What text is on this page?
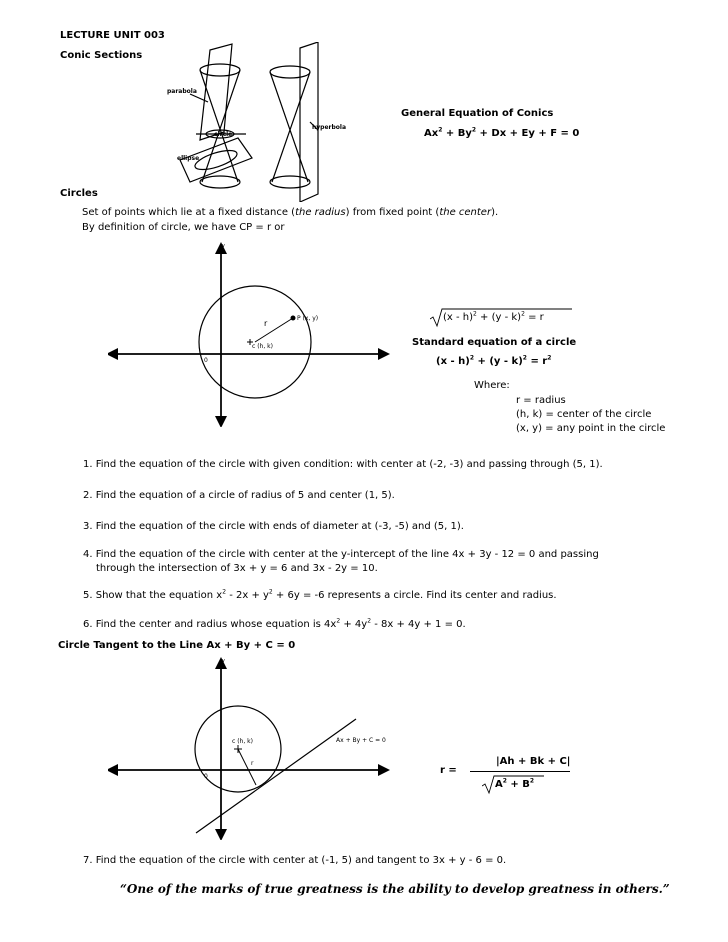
LECTURE UNIT 003
Conic Sections
parabola
circle
ellipse
hyperbola
General Equation of Conics
$Ax^2 + By^2 + Dx + Ey + F = 0$
Circles
Set of points which lie at a fixed distance (the radius) from fixed point (the center).
By definition of circle, we have CP = r or
y
x
0
P (x, y)
c (h, k)
r
(x - h)$^2$ + (y - k)$^2$ = r
Standard equation of a circle
$(x - h)^2 + (y - k)^2 = r^2$
Where:
r = radius
(h, k) = center of the circle
(x, y) = any point in the circle
1. Find the equation of the circle with given condition: with center at (-2, -3) and passing through (5, 1).
2. Find the equation of a circle of radius of 5 and center (1, 5).
3. Find the equation of the circle with ends of diameter at (-3, -5) and (5, 1).
4. Find the equation of the circle with center at the y-intercept of the line 4x + 3y - 12 = 0 and passing
through the intersection of 3x + y = 6 and 3x - 2y = 10.
5. Show that the equation $x^2 - 2x + y^2 + 6y = -6$ represents a circle. Find its center and radius.
6. Find the center and radius whose equation is $4x^2 + 4y^2 - 8x + 4y + 1 = 0$.
Circle Tangent to the Line Ax + By + C = 0
y
x
0
c (h, k)
r
Ax + By + C = 0
r =
|Ah + Bk + C|
$A^2 + B^2$
7. Find the equation of the circle with center at (-1, 5) and tangent to 3x + y - 6 = 0.
“One of the marks of true greatness is the ability to develop greatness in others.”
